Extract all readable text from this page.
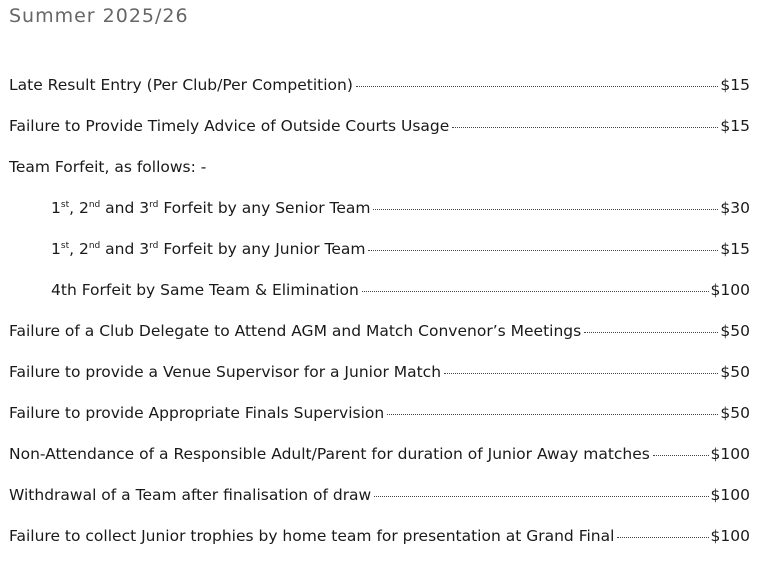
Summer 2025/26
Late Result Entry (Per Club/Per Competition)	$15
Failure to Provide Timely Advice of Outside Courts Usage	$15
Team Forfeit, as follows: -
1st, 2nd and 3rd Forfeit by any Senior Team	$30
1st, 2nd and 3rd Forfeit by any Junior Team	$15
4th Forfeit by Same Team & Elimination	$100
Failure of a Club Delegate to Attend AGM and Match Convenor’s Meetings	$50
Failure to provide a Venue Supervisor for a Junior Match	$50
Failure to provide Appropriate Finals Supervision	$50
Non-Attendance of a Responsible Adult/Parent for duration of Junior Away matches	$100
Withdrawal of a Team after finalisation of draw	$100
Failure to collect Junior trophies by home team for presentation at Grand Final	$100
